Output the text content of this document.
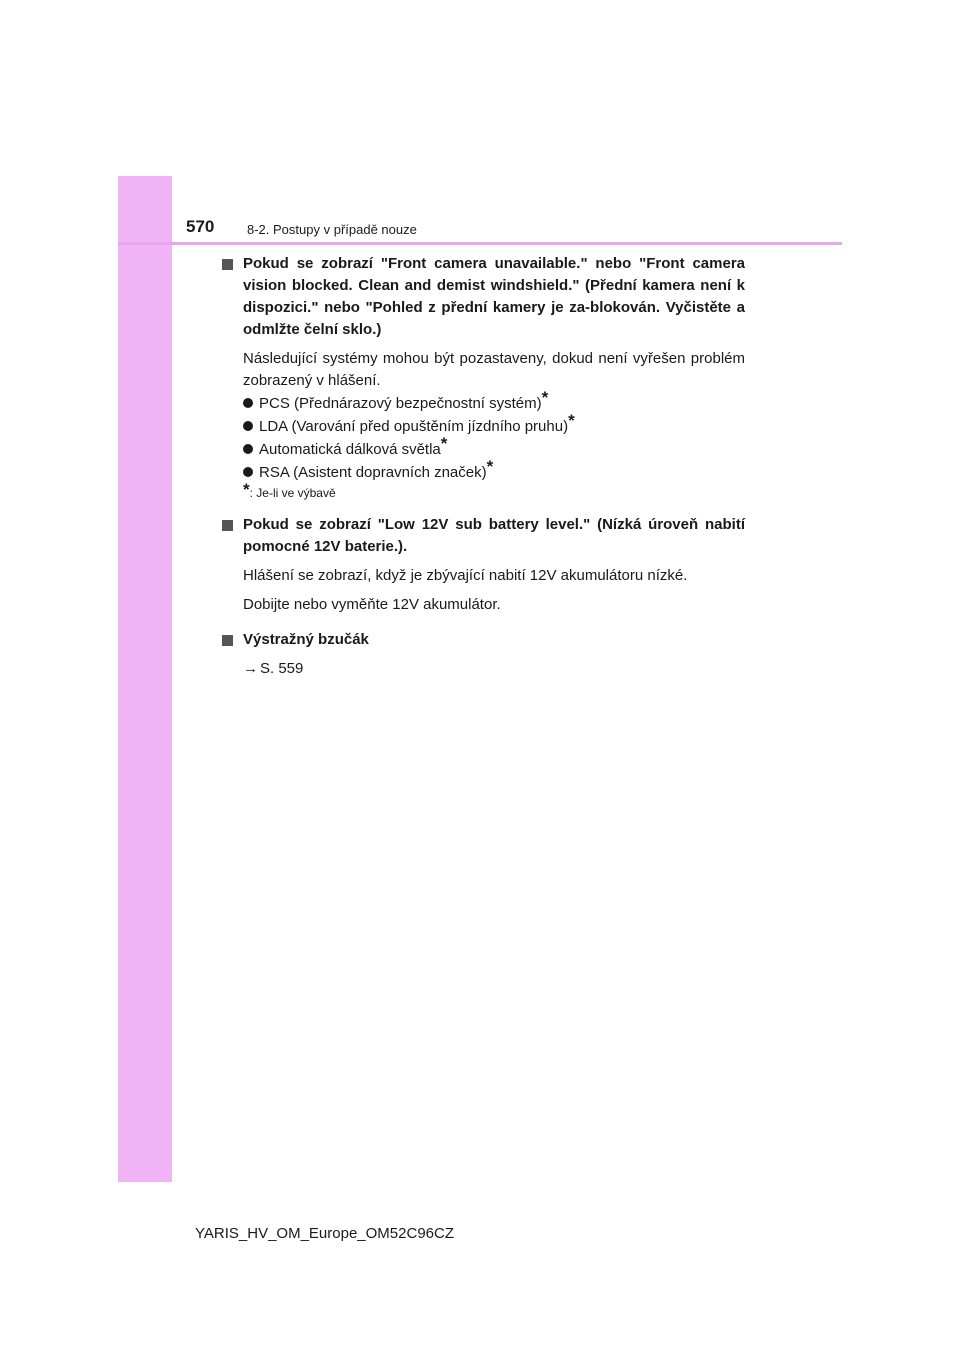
570	8-2. Postupy v případě nouze
Pokud se zobrazí "Front camera unavailable." nebo "Front camera vision blocked. Clean and demist windshield." (Přední kamera není k dispozici." nebo "Pohled z přední kamery je za-blokován. Vyčistěte a odmlžte čelní sklo.)
Následující systémy mohou být pozastaveny, dokud není vyřešen problém zobrazený v hlášení.
PCS (Přednárazový bezpečnostní systém)*
LDA (Varování před opuštěním jízdního pruhu)*
Automatická dálková světla*
RSA (Asistent dopravních značek)*
*: Je-li ve výbavě
Pokud se zobrazí "Low 12V sub battery level." (Nízká úroveň nabití pomocné 12V baterie.).
Hlášení se zobrazí, když je zbývající nabití 12V akumulátoru nízké.
Dobijte nebo vyměňte 12V akumulátor.
Výstražný bzučák
→ S. 559
YARIS_HV_OM_Europe_OM52C96CZ
